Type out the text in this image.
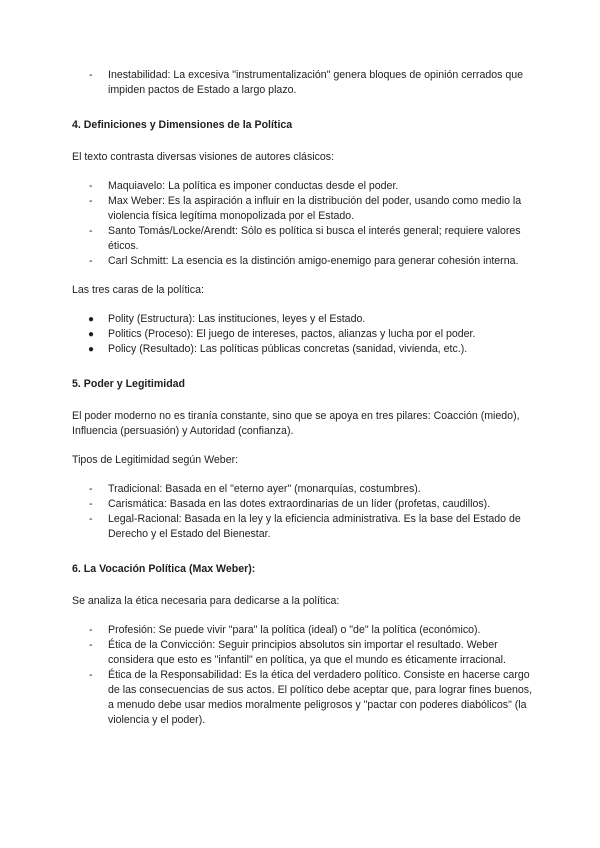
- Inestabilidad: La excesiva "instrumentalización" genera bloques de opinión cerrados que impiden pactos de Estado a largo plazo.

4. Definiciones y Dimensiones de la Política

El texto contrasta diversas visiones de autores clásicos:

- Maquiavelo: La política es imponer conductas desde el poder.
- Max Weber: Es la aspiración a influir en la distribución del poder, usando como medio la violencia física legítima monopolizada por el Estado.
- Santo Tomás/Locke/Arendt: Sólo es política si busca el interés general; requiere valores éticos.
- Carl Schmitt: La esencia es la distinción amigo-enemigo para generar cohesión interna.

Las tres caras de la política:

● Polity (Estructura): Las instituciones, leyes y el Estado.
● Politics (Proceso): El juego de intereses, pactos, alianzas y lucha por el poder.
● Policy (Resultado): Las políticas públicas concretas (sanidad, vivienda, etc.).

5. Poder y Legitimidad

El poder moderno no es tiranía constante, sino que se apoya en tres pilares: Coacción (miedo), Influencia (persuasión) y Autoridad (confianza).

Tipos de Legitimidad según Weber:

- Tradicional: Basada en el "eterno ayer" (monarquías, costumbres).
- Carismática: Basada en las dotes extraordinarias de un líder (profetas, caudillos).
- Legal-Racional: Basada en la ley y la eficiencia administrativa. Es la base del Estado de Derecho y el Estado del Bienestar.

6. La Vocación Política (Max Weber):

Se analiza la ética necesaria para dedicarse a la política:

- Profesión: Se puede vivir "para" la política (ideal) o "de" la política (económico).
- Ética de la Convicción: Seguir principios absolutos sin importar el resultado. Weber considera que esto es "infantil" en política, ya que el mundo es éticamente irracional.
- Ética de la Responsabilidad: Es la ética del verdadero político. Consiste en hacerse cargo de las consecuencias de sus actos. El político debe aceptar que, para lograr fines buenos, a menudo debe usar medios moralmente peligrosos y "pactar con poderes diabólicos" (la violencia y el poder).
